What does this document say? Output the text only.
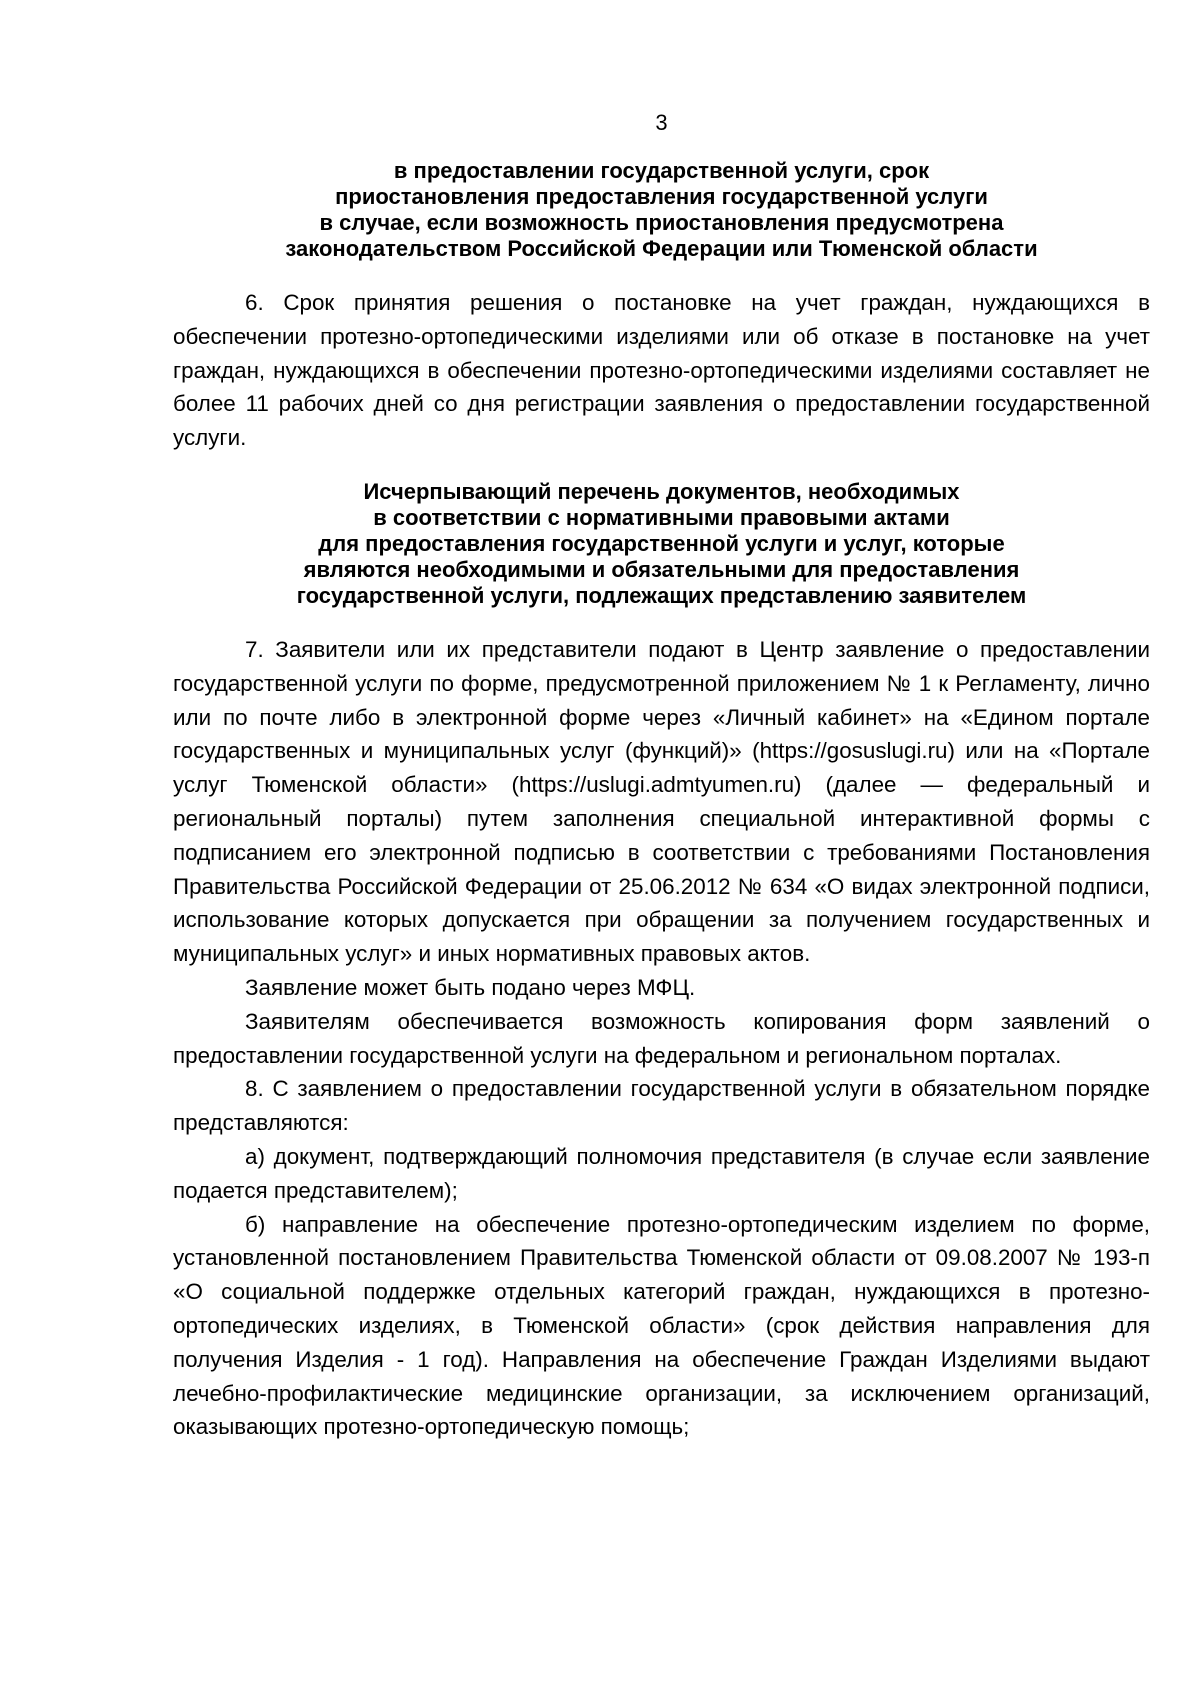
3
в предоставлении государственной услуги, срок
приостановления предоставления государственной услуги
в случае, если возможность приостановления предусмотрена
законодательством Российской Федерации или Тюменской области

6. Срок принятия решения о постановке на учет граждан, нуждающихся в обеспечении протезно-ортопедическими изделиями или об отказе в постановке на учет граждан, нуждающихся в обеспечении протезно-ортопедическими изделиями составляет не более 11 рабочих дней со дня регистрации заявления о предоставлении государственной услуги.

Исчерпывающий перечень документов, необходимых
в соответствии с нормативными правовыми актами
для предоставления государственной услуги и услуг, которые
являются необходимыми и обязательными для предоставления
государственной услуги, подлежащих представлению заявителем

7. Заявители или их представители подают в Центр заявление о предоставлении государственной услуги по форме, предусмотренной приложением № 1 к Регламенту, лично или по почте либо в электронной форме через «Личный кабинет» на «Едином портале государственных и муниципальных услуг (функций)» (https://gosuslugi.ru) или на «Портале услуг Тюменской области» (https://uslugi.admtyumen.ru) (далее — федеральный и региональный порталы) путем заполнения специальной интерактивной формы с подписанием его электронной подписью в соответствии с требованиями Постановления Правительства Российской Федерации от 25.06.2012 № 634 «О видах электронной подписи, использование которых допускается при обращении за получением государственных и муниципальных услуг» и иных нормативных правовых актов.

Заявление может быть подано через МФЦ.

Заявителям обеспечивается возможность копирования форм заявлений о предоставлении государственной услуги на федеральном и региональном порталах.

8. С заявлением о предоставлении государственной услуги в обязательном порядке представляются:

а) документ, подтверждающий полномочия представителя (в случае если заявление подается представителем);

б) направление на обеспечение протезно-ортопедическим изделием по форме, установленной постановлением Правительства Тюменской области от 09.08.2007 № 193-п «О социальной поддержке отдельных категорий граждан, нуждающихся в протезно-ортопедических изделиях, в Тюменской области» (срок действия направления для получения Изделия - 1 год). Направления на обеспечение Граждан Изделиями выдают лечебно-профилактические медицинские организации, за исключением организаций, оказывающих протезно-ортопедическую помощь;
